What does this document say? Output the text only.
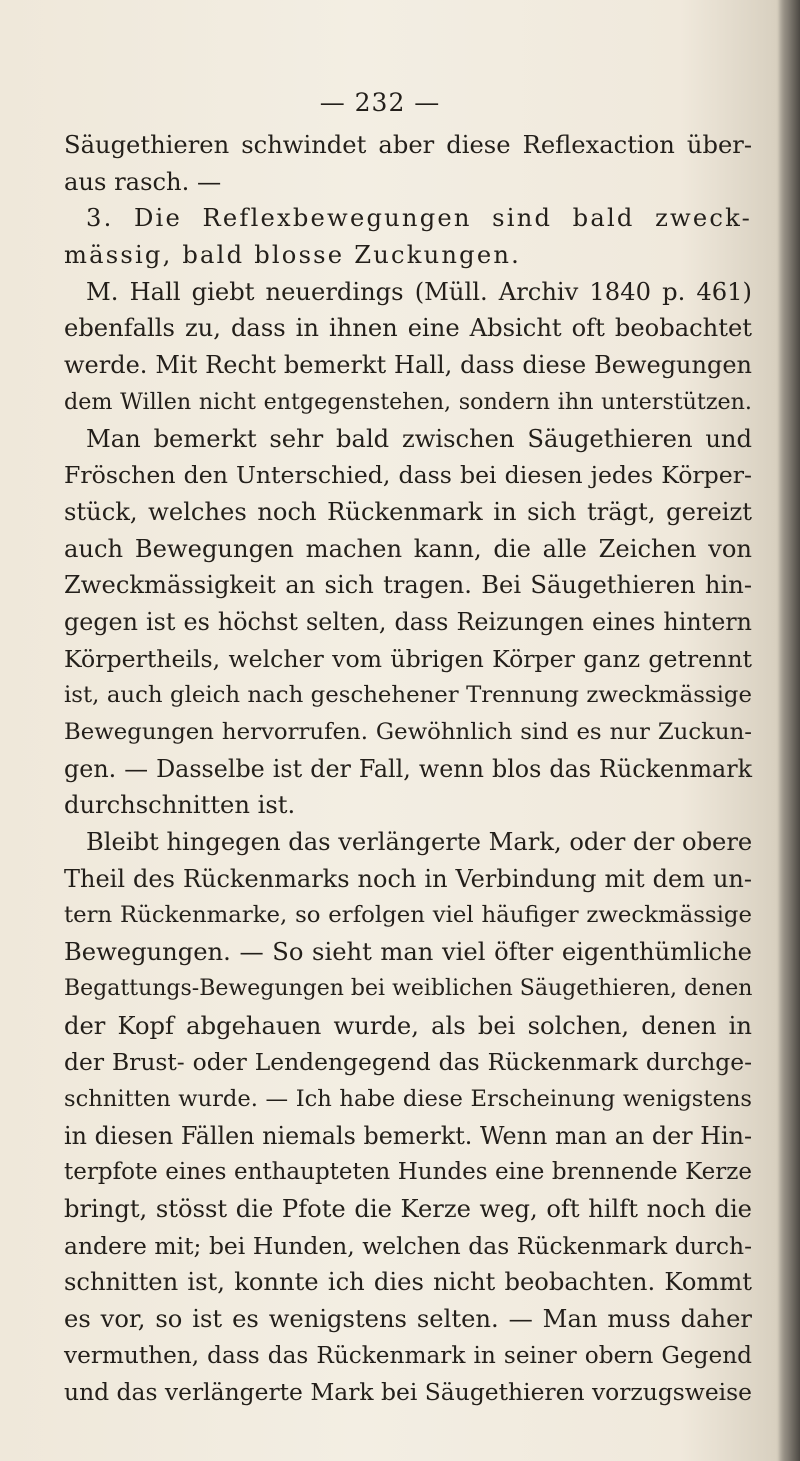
— 232 —
Säugethieren schwindet aber diese Reflexaction über-
aus rasch. —
3. Die Reflexbewegungen sind bald zweck-
mässig, bald blosse Zuckungen.
M. Hall giebt neuerdings (Müll. Archiv 1840 p. 461)
ebenfalls zu, dass in ihnen eine Absicht oft beobachtet
werde. Mit Recht bemerkt Hall, dass diese Bewegungen
dem Willen nicht entgegenstehen, sondern ihn unterstützen.
Man bemerkt sehr bald zwischen Säugethieren und
Fröschen den Unterschied, dass bei diesen jedes Körper-
stück, welches noch Rückenmark in sich trägt, gereizt
auch Bewegungen machen kann, die alle Zeichen von
Zweckmässigkeit an sich tragen. Bei Säugethieren hin-
gegen ist es höchst selten, dass Reizungen eines hintern
Körpertheils, welcher vom übrigen Körper ganz getrennt
ist, auch gleich nach geschehener Trennung zweckmässige
Bewegungen hervorrufen. Gewöhnlich sind es nur Zuckun-
gen. — Dasselbe ist der Fall, wenn blos das Rückenmark
durchschnitten ist.
Bleibt hingegen das verlängerte Mark, oder der obere
Theil des Rückenmarks noch in Verbindung mit dem un-
tern Rückenmarke, so erfolgen viel häufiger zweckmässige
Bewegungen. — So sieht man viel öfter eigenthümliche
Begattungs-Bewegungen bei weiblichen Säugethieren, denen
der Kopf abgehauen wurde, als bei solchen, denen in
der Brust- oder Lendengegend das Rückenmark durchge-
schnitten wurde. — Ich habe diese Erscheinung wenigstens
in diesen Fällen niemals bemerkt. Wenn man an der Hin-
terpfote eines enthaupteten Hundes eine brennende Kerze
bringt, stösst die Pfote die Kerze weg, oft hilft noch die
andere mit; bei Hunden, welchen das Rückenmark durch-
schnitten ist, konnte ich dies nicht beobachten. Kommt
es vor, so ist es wenigstens selten. — Man muss daher
vermuthen, dass das Rückenmark in seiner obern Gegend
und das verlängerte Mark bei Säugethieren vorzugsweise
